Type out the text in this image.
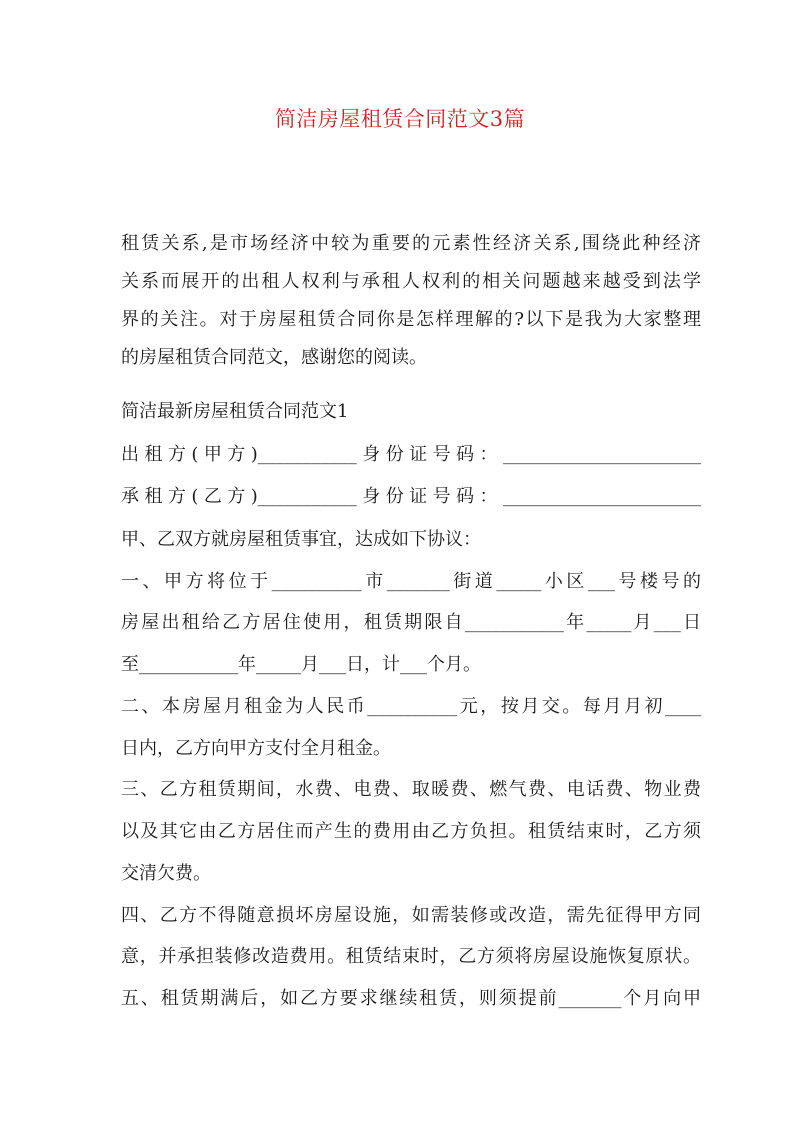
简洁房屋租赁合同范文3篇
租赁关系,是市场经济中较为重要的元素性经济关系,围绕此种经济
关系而展开的出租人权利与承租人权利的相关问题越来越受到法学
界的关注。对于房屋租赁合同你是怎样理解的?以下是我为大家整理
的房屋租赁合同范文，感谢您的阅读。
简洁最新房屋租赁合同范文1
出租方(甲方)___________身份证号码：______________________
承租方(乙方)___________身份证号码：______________________
甲、乙双方就房屋租赁事宜，达成如下协议：
一、甲方将位于__________市_______街道_____小区___号楼号的
房屋出租给乙方居住使用，租赁期限自___________年_____月___日
至___________年_____月___日，计___个月。
二、本房屋月租金为人民币__________元，按月交。每月月初____
日内，乙方向甲方支付全月租金。
三、乙方租赁期间，水费、电费、取暖费、燃气费、电话费、物业费
以及其它由乙方居住而产生的费用由乙方负担。租赁结束时，乙方须
交清欠费。
四、乙方不得随意损坏房屋设施，如需装修或改造，需先征得甲方同
意，并承担装修改造费用。租赁结束时，乙方须将房屋设施恢复原状。
五、租赁期满后，如乙方要求继续租赁，则须提前_______个月向甲
